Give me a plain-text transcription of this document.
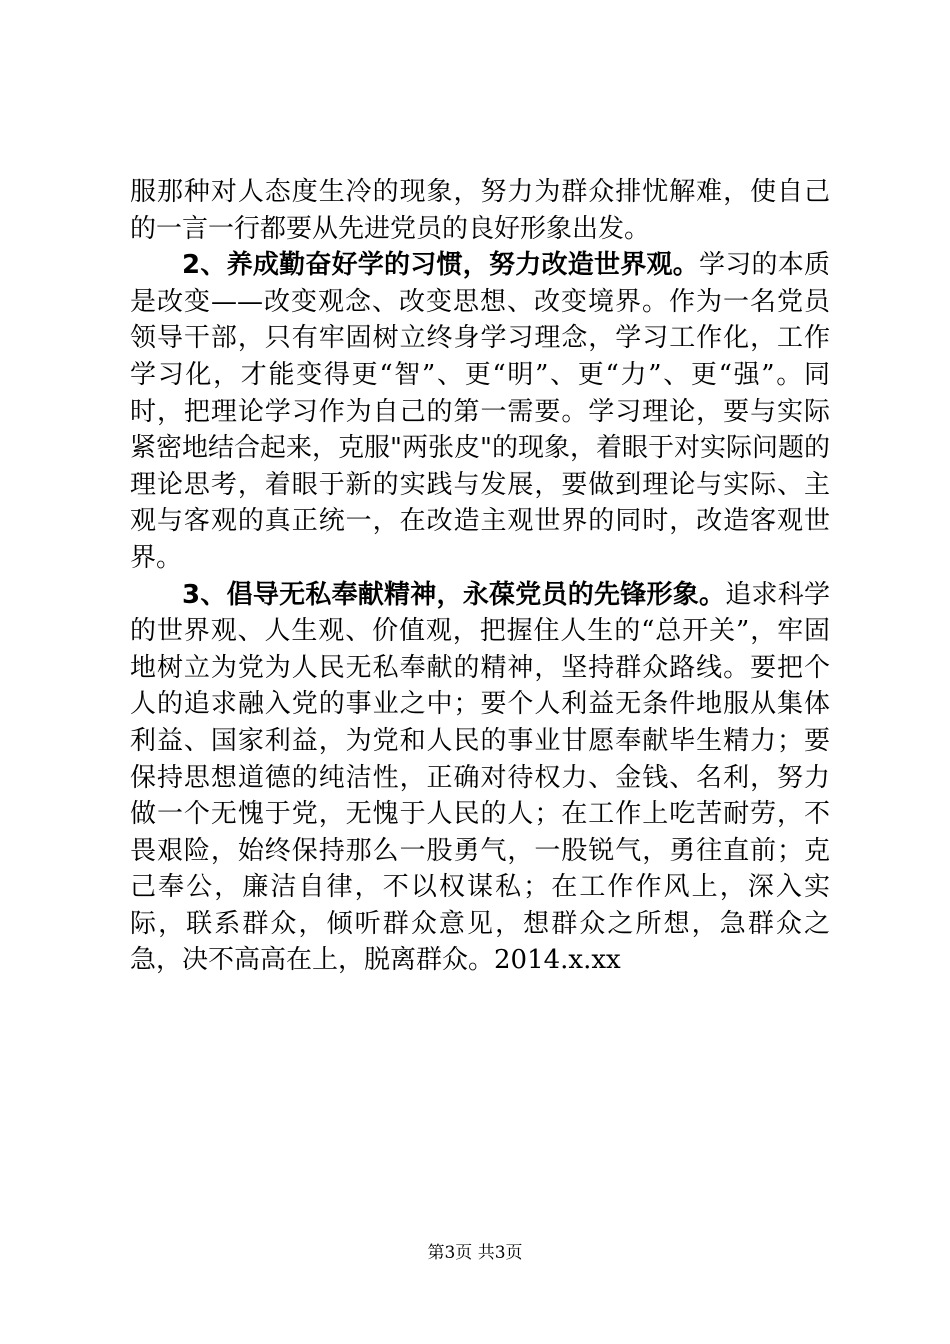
服那种对人态度生冷的现象，努力为群众排忧解难，使自己的一言一行都要从先进党员的良好形象出发。

2、养成勤奋好学的习惯，努力改造世界观。学习的本质是改变——改变观念、改变思想、改变境界。作为一名党员领导干部，只有牢固树立终身学习理念，学习工作化，工作学习化，才能变得更“智”、更“明”、更“力”、更“强”。同时，把理论学习作为自己的第一需要。学习理论，要与实际紧密地结合起来，克服"两张皮"的现象，着眼于对实际问题的理论思考，着眼于新的实践与发展，要做到理论与实际、主观与客观的真正统一，在改造主观世界的同时，改造客观世界。

3、倡导无私奉献精神，永葆党员的先锋形象。追求科学的世界观、人生观、价值观，把握住人生的“总开关”，牢固地树立为党为人民无私奉献的精神，坚持群众路线。要把个人的追求融入党的事业之中；要个人利益无条件地服从集体利益、国家利益，为党和人民的事业甘愿奉献毕生精力；要保持思想道德的纯洁性，正确对待权力、金钱、名利，努力做一个无愧于党，无愧于人民的人；在工作上吃苦耐劳，不畏艰险，始终保持那么一股勇气，一股锐气，勇往直前；克己奉公，廉洁自律，不以权谋私；在工作作风上，深入实际，联系群众，倾听群众意见，想群众之所想，急群众之急，决不高高在上，脱离群众。2014.x.xx

第3页 共3页
